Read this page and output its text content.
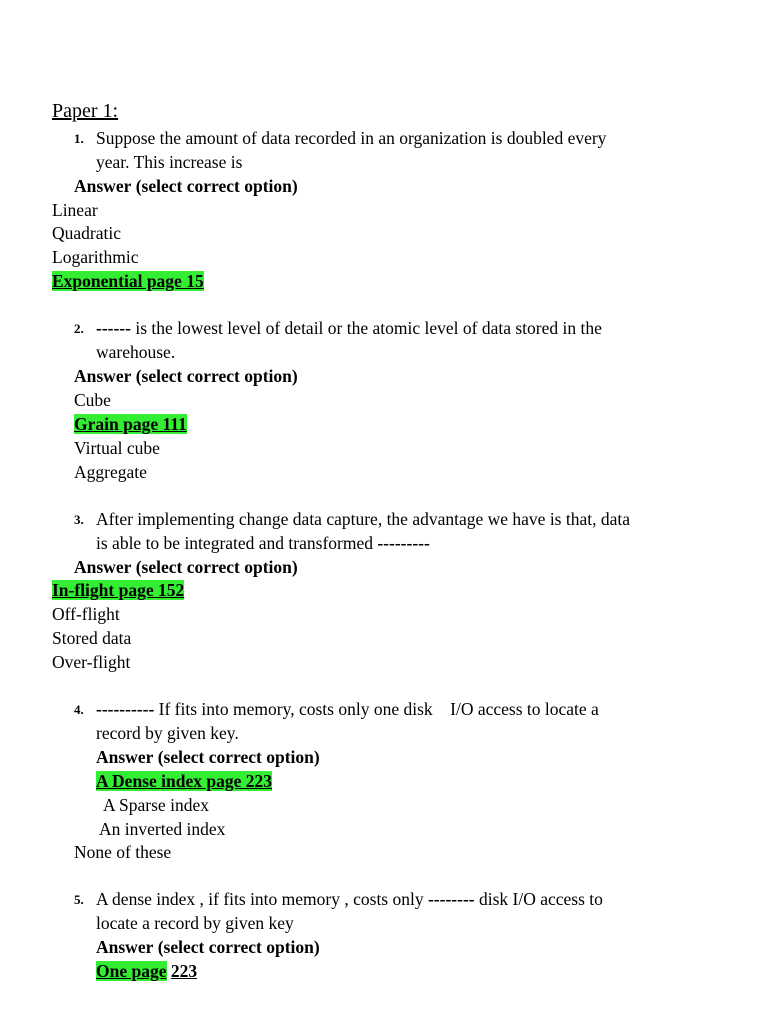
Paper 1:
1. Suppose the amount of data recorded in an organization is doubled every
year. This increase is
Answer (select correct option)
Linear
Quadratic
Logarithmic
Exponential page 15
2. ------ is the lowest level of detail or the atomic level of data stored in the
warehouse.
Answer (select correct option)
Cube
Grain page 111
Virtual cube
Aggregate
3. After implementing change data capture, the advantage we have is that, data
is able to be integrated and transformed ---------
Answer (select correct option)
In-flight page 152
Off-flight
Stored data
Over-flight
4. ---------- If fits into memory, costs only one disk    I/O access to locate a
record by given key.
Answer (select correct option)
A Dense index page 223
A Sparse index
An inverted index
None of these
5. A dense index , if fits into memory , costs only -------- disk I/O access to
locate a record by given key
Answer (select correct option)
One page 223
